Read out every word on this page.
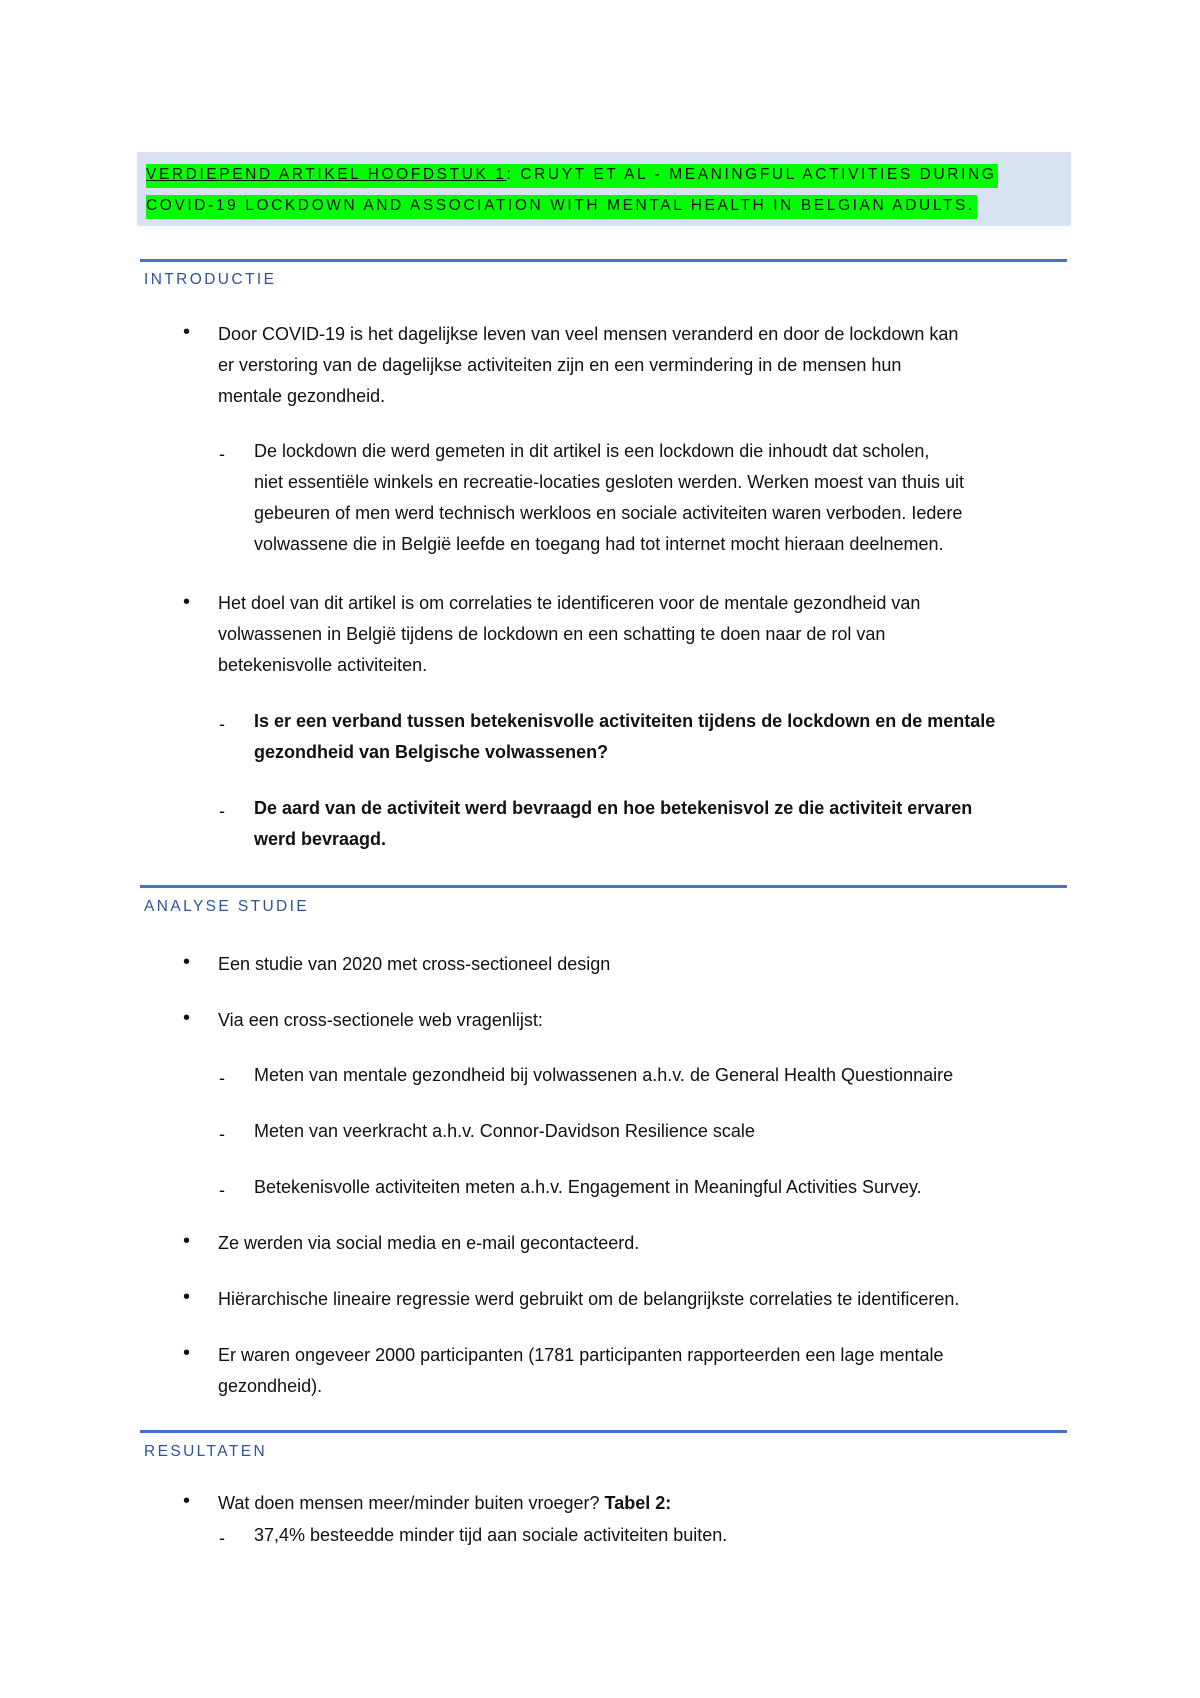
VERDIEPEND ARTIKEL HOOFDSTUK 1: CRUYT ET AL - MEANINGFUL ACTIVITIES DURING
COVID-19 LOCKDOWN AND ASSOCIATION WITH MENTAL HEALTH IN BELGIAN ADULTS.
INTRODUCTIE
• Door COVID-19 is het dagelijkse leven van veel mensen veranderd en door de lockdown kan
er verstoring van de dagelijkse activiteiten zijn en een vermindering in de mensen hun
mentale gezondheid.
- De lockdown die werd gemeten in dit artikel is een lockdown die inhoudt dat scholen,
niet essentiële winkels en recreatie-locaties gesloten werden. Werken moest van thuis uit
gebeuren of men werd technisch werkloos en sociale activiteiten waren verboden. Iedere
volwassene die in België leefde en toegang had tot internet mocht hieraan deelnemen.
• Het doel van dit artikel is om correlaties te identificeren voor de mentale gezondheid van
volwassenen in België tijdens de lockdown en een schatting te doen naar de rol van
betekenisvolle activiteiten.
- Is er een verband tussen betekenisvolle activiteiten tijdens de lockdown en de mentale
gezondheid van Belgische volwassenen?
- De aard van de activiteit werd bevraagd en hoe betekenisvol ze die activiteit ervaren
werd bevraagd.
ANALYSE STUDIE
• Een studie van 2020 met cross-sectioneel design
• Via een cross-sectionele web vragenlijst:
- Meten van mentale gezondheid bij volwassenen a.h.v. de General Health Questionnaire
- Meten van veerkracht a.h.v. Connor-Davidson Resilience scale
- Betekenisvolle activiteiten meten a.h.v. Engagement in Meaningful Activities Survey.
• Ze werden via social media en e-mail gecontacteerd.
• Hiërarchische lineaire regressie werd gebruikt om de belangrijkste correlaties te identificeren.
• Er waren ongeveer 2000 participanten (1781 participanten rapporteerden een lage mentale
gezondheid).
RESULTATEN
• Wat doen mensen meer/minder buiten vroeger? Tabel 2:
- 37,4% besteedde minder tijd aan sociale activiteiten buiten.
